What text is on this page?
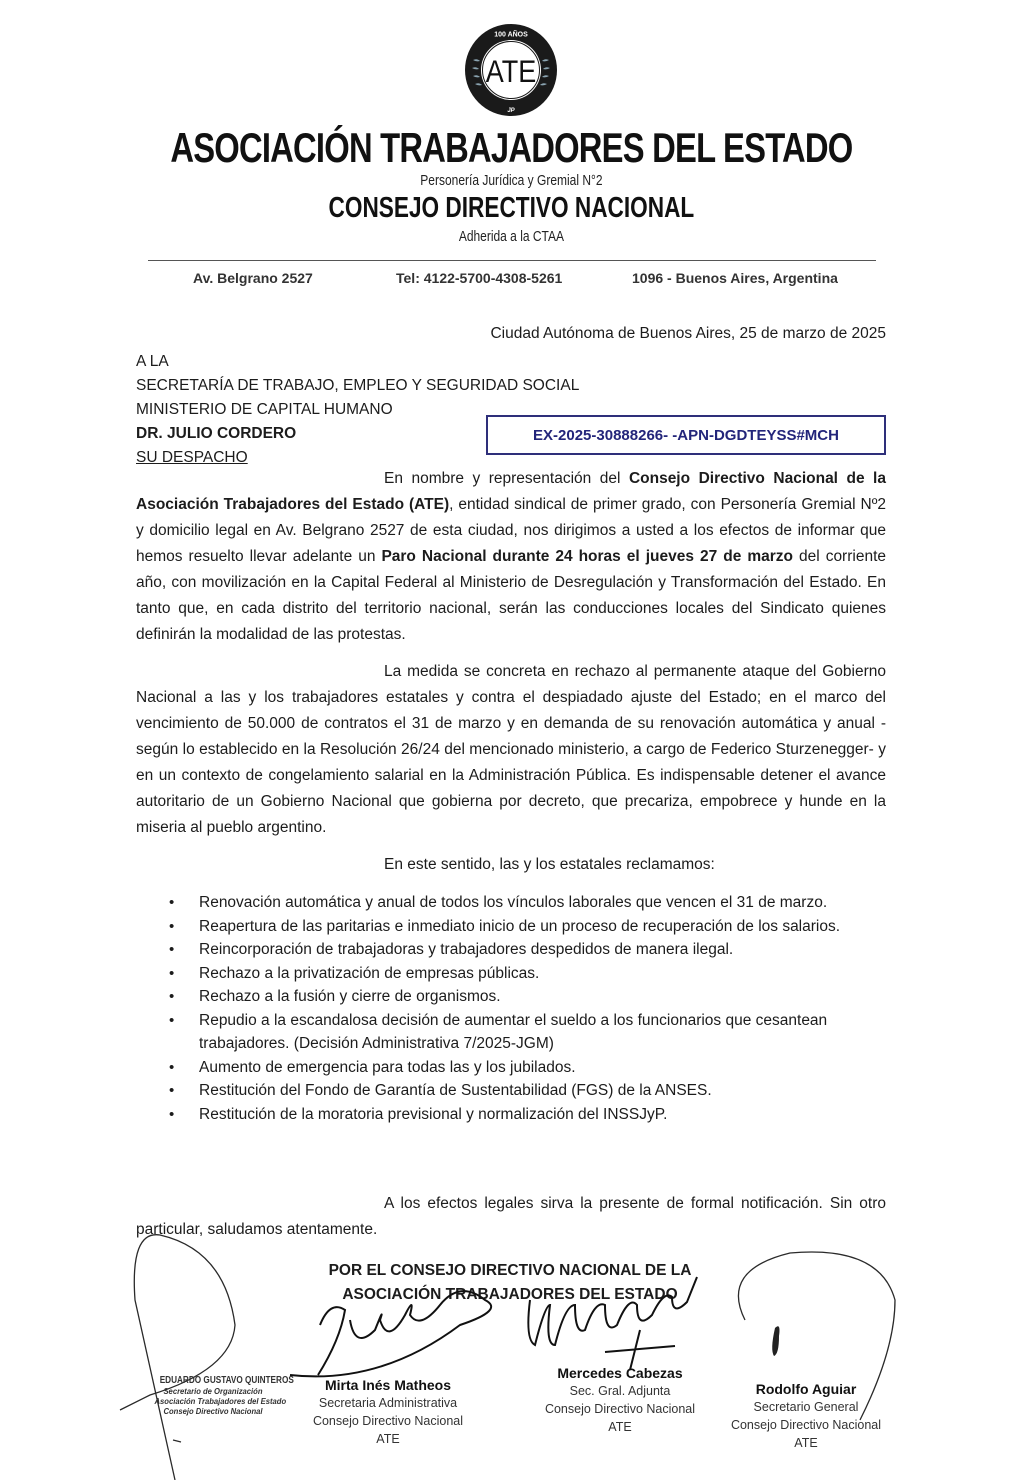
100 AÑOS
ATE
JP
ASOCIACIÓN TRABAJADORES DEL ESTADO
Personería Jurídica y Gremial N°2
CONSEJO DIRECTIVO NACIONAL
Adherida a la CTAA
Av. Belgrano 2527	Tel: 4122-5700-4308-5261	1096 - Buenos Aires, Argentina
Ciudad Autónoma de Buenos Aires, 25 de marzo de 2025
A LA
SECRETARÍA DE TRABAJO, EMPLEO Y SEGURIDAD SOCIAL
MINISTERIO DE CAPITAL HUMANO
DR. JULIO CORDERO
SU DESPACHO
EX-2025-30888266- -APN-DGDTEYSS#MCH
En nombre y representación del Consejo Directivo Nacional de la Asociación Trabajadores del Estado (ATE), entidad sindical de primer grado, con Personería Gremial Nº2 y domicilio legal en Av. Belgrano 2527 de esta ciudad, nos dirigimos a usted a los efectos de informar que hemos resuelto llevar adelante un Paro Nacional durante 24 horas el jueves 27 de marzo del corriente año, con movilización en la Capital Federal al Ministerio de Desregulación y Transformación del Estado. En tanto que, en cada distrito del territorio nacional, serán las conducciones locales del Sindicato quienes definirán la modalidad de las protestas.
La medida se concreta en rechazo al permanente ataque del Gobierno Nacional a las y los trabajadores estatales y contra el despiadado ajuste del Estado; en el marco del vencimiento de 50.000 de contratos el 31 de marzo y en demanda de su renovación automática y anual -según lo establecido en la Resolución 26/24 del mencionado ministerio, a cargo de Federico Sturzenegger- y en un contexto de congelamiento salarial en la Administración Pública. Es indispensable detener el avance autoritario de un Gobierno Nacional que gobierna por decreto, que precariza, empobrece y hunde en la miseria al pueblo argentino.
En este sentido, las y los estatales reclamamos:
• Renovación automática y anual de todos los vínculos laborales que vencen el 31 de marzo.
• Reapertura de las paritarias e inmediato inicio de un proceso de recuperación de los salarios.
• Reincorporación de trabajadoras y trabajadores despedidos de manera ilegal.
• Rechazo a la privatización de empresas públicas.
• Rechazo a la fusión y cierre de organismos.
• Repudio a la escandalosa decisión de aumentar el sueldo a los funcionarios que cesantean trabajadores. (Decisión Administrativa 7/2025-JGM)
• Aumento de emergencia para todas las y los jubilados.
• Restitución del Fondo de Garantía de Sustentabilidad (FGS) de la ANSES.
• Restitución de la moratoria previsional y normalización del INSSJyP.
A los efectos legales sirva la presente de formal notificación. Sin otro particular, saludamos atentamente.
POR EL CONSEJO DIRECTIVO NACIONAL DE LA
ASOCIACIÓN TRABAJADORES DEL ESTADO
EDUARDO GUSTAVO QUINTEROS
Secretario de Organización
Asociación Trabajadores del Estado
Consejo Directivo Nacional
Mirta Inés Matheos
Secretaria Administrativa
Consejo Directivo Nacional
ATE
Mercedes Cabezas
Sec. Gral. Adjunta
Consejo Directivo Nacional
ATE
Rodolfo Aguiar
Secretario General
Consejo Directivo Nacional
ATE
